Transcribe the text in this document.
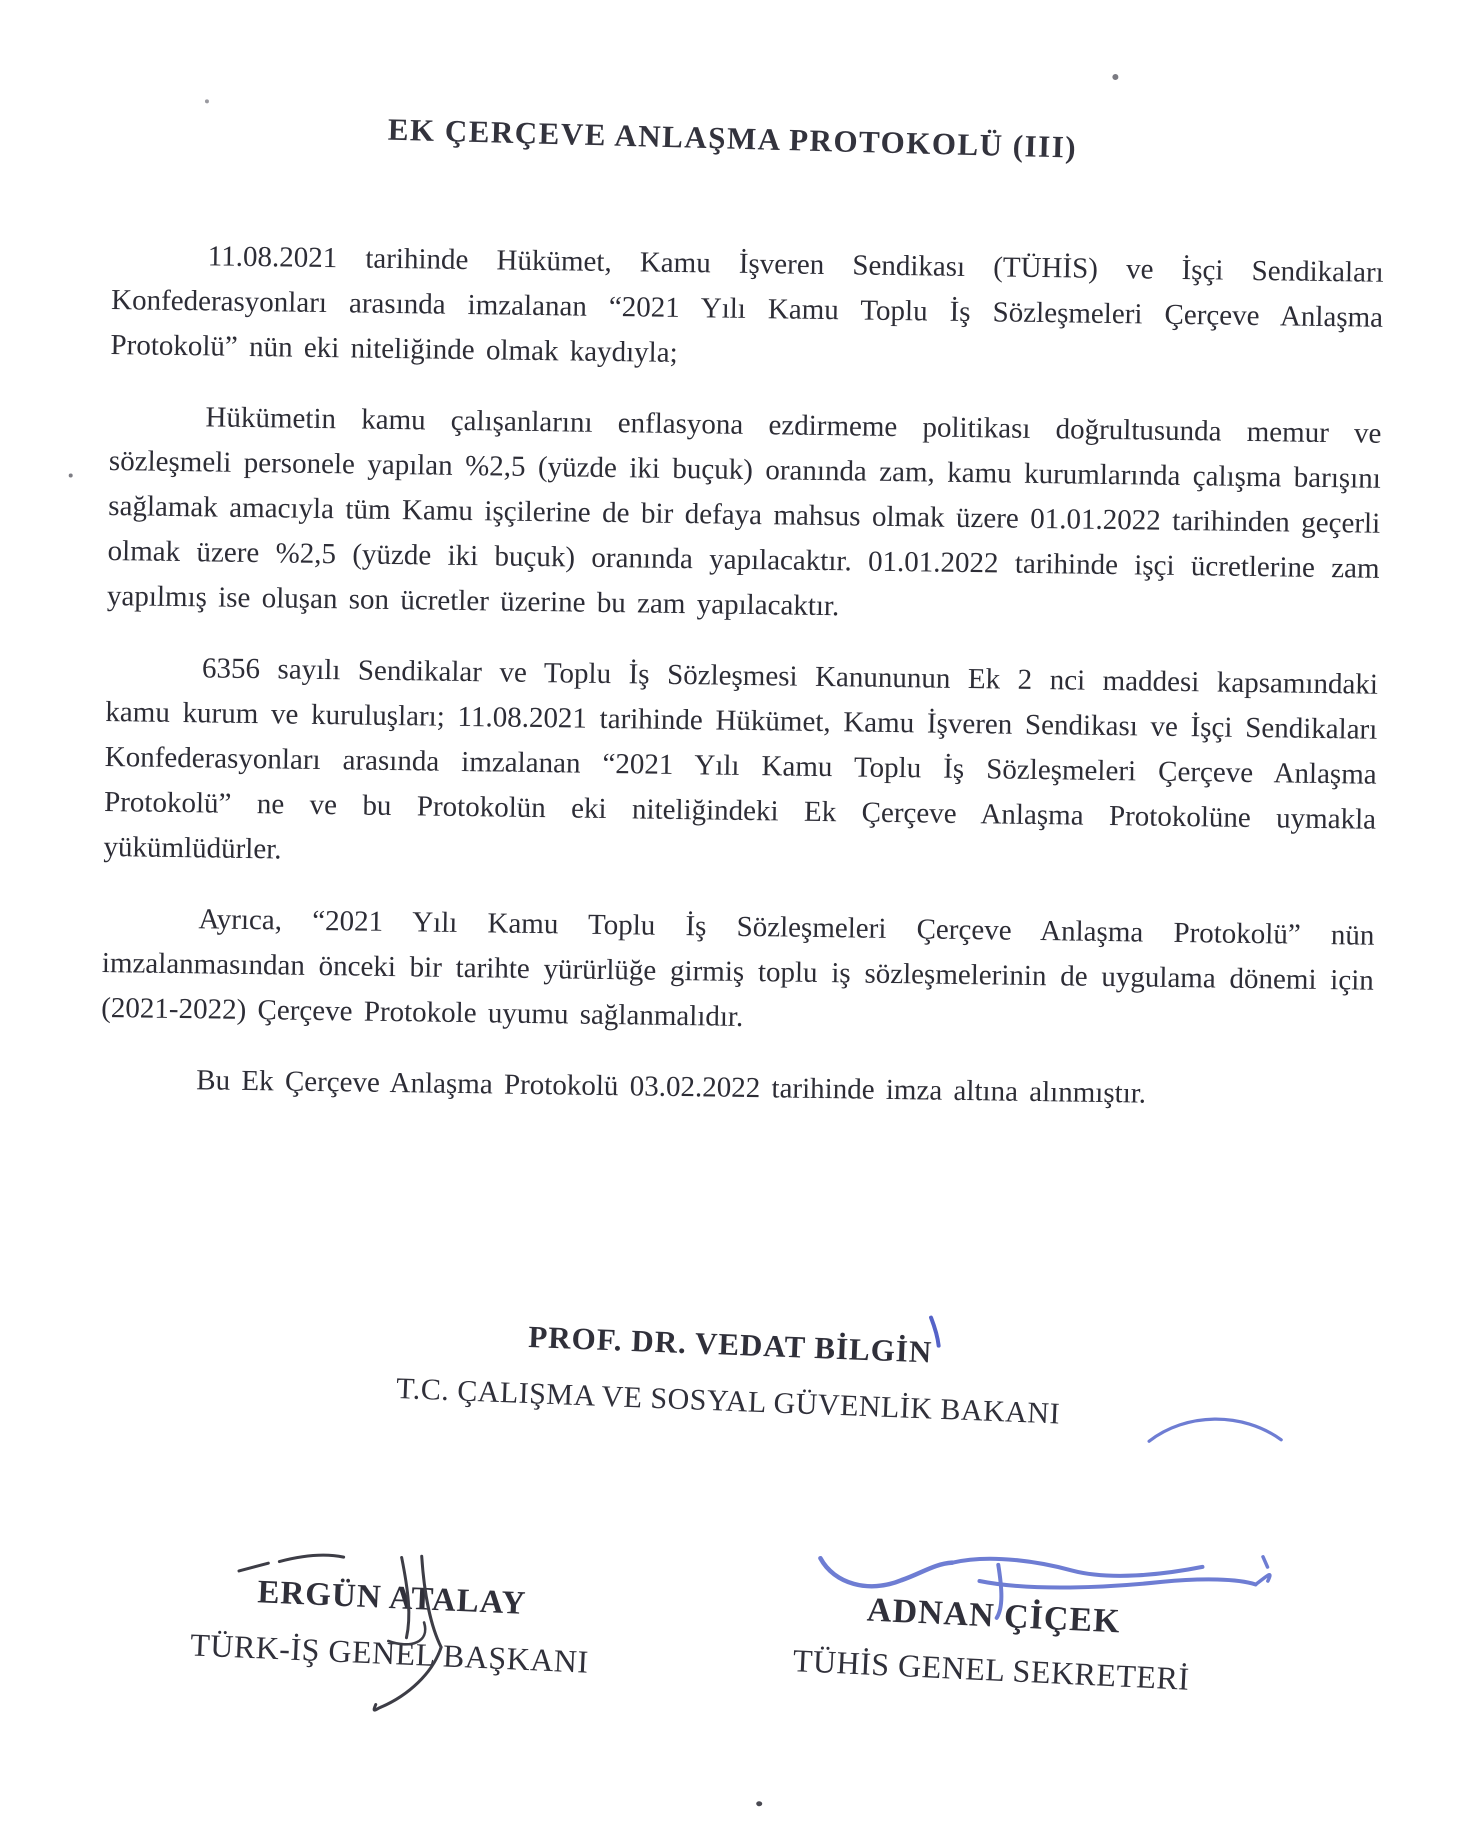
EK ÇERÇEVE ANLAŞMA PROTOKOLÜ (III)

11.08.2021 tarihinde Hükümet, Kamu İşveren Sendikası (TÜHİS) ve İşçi Sendikaları Konfederasyonları arasında imzalanan “2021 Yılı Kamu Toplu İş Sözleşmeleri Çerçeve Anlaşma Protokolü” nün eki niteliğinde olmak kaydıyla;

Hükümetin kamu çalışanlarını enflasyona ezdirmeme politikası doğrultusunda memur ve sözleşmeli personele yapılan %2,5 (yüzde iki buçuk) oranında zam, kamu kurumlarında çalışma barışını sağlamak amacıyla tüm Kamu işçilerine de bir defaya mahsus olmak üzere 01.01.2022 tarihinden geçerli olmak üzere %2,5 (yüzde iki buçuk) oranında yapılacaktır. 01.01.2022 tarihinde işçi ücretlerine zam yapılmış ise oluşan son ücretler üzerine bu zam yapılacaktır.

6356 sayılı Sendikalar ve Toplu İş Sözleşmesi Kanununun Ek 2 nci maddesi kapsamındaki kamu kurum ve kuruluşları; 11.08.2021 tarihinde Hükümet, Kamu İşveren Sendikası ve İşçi Sendikaları Konfederasyonları arasında imzalanan “2021 Yılı Kamu Toplu İş Sözleşmeleri Çerçeve Anlaşma Protokolü” ne ve bu Protokolün eki niteliğindeki Ek Çerçeve Anlaşma Protokolüne uymakla yükümlüdürler.

Ayrıca, “2021 Yılı Kamu Toplu İş Sözleşmeleri Çerçeve Anlaşma Protokolü” nün imzalanmasından önceki bir tarihte yürürlüğe girmiş toplu iş sözleşmelerinin de uygulama dönemi için (2021-2022) Çerçeve Protokole uyumu sağlanmalıdır.

Bu Ek Çerçeve Anlaşma Protokolü 03.02.2022 tarihinde imza altına alınmıştır.

PROF. DR. VEDAT BİLGİN
T.C. ÇALIŞMA VE SOSYAL GÜVENLİK BAKANI
ERGÜN ATALAY
TÜRK-İŞ GENEL BAŞKANI
ADNAN ÇİÇEK
TÜHİS GENEL SEKRETERİ
